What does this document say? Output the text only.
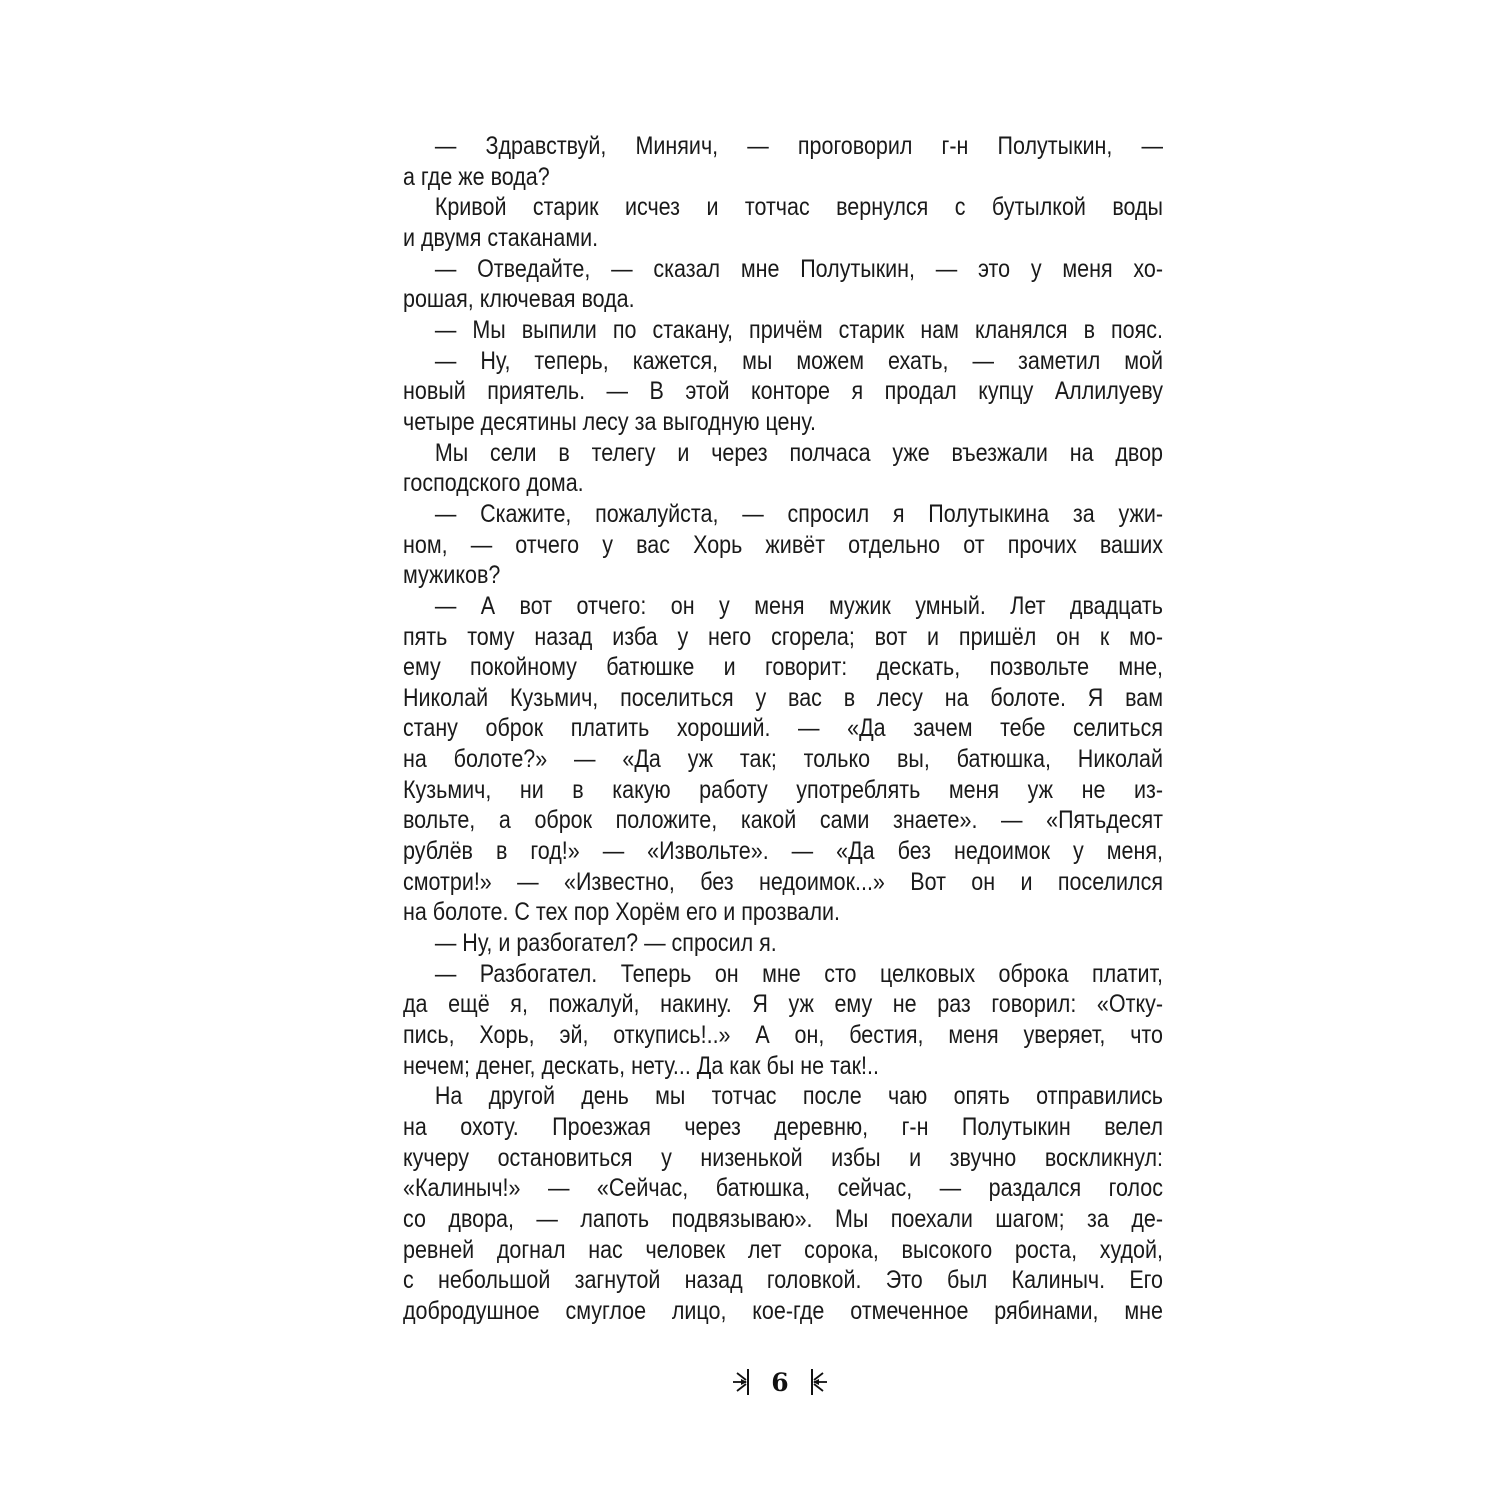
— Здравствуй, Миняич, — проговорил г-н Полутыкин, —
а где же вода?
Кривой старик исчез и тотчас вернулся с бутылкой воды
и двумя стаканами.
— Отведайте, — сказал мне Полутыкин, — это у меня хо-
рошая, ключевая вода.
— Мы выпили по стакану, причём старик нам кланялся в пояс.
— Ну, теперь, кажется, мы можем ехать, — заметил мой
новый приятель. — В этой конторе я продал купцу Аллилуеву
четыре десятины лесу за выгодную цену.
Мы сели в телегу и через полчаса уже въезжали на двор
господского дома.
— Скажите, пожалуйста, — спросил я Полутыкина за ужи-
ном, — отчего у вас Хорь живёт отдельно от прочих ваших
мужиков?
— А вот отчего: он у меня мужик умный. Лет двадцать
пять тому назад изба у него сгорела; вот и пришёл он к мо-
ему покойному батюшке и говорит: дескать, позвольте мне,
Николай Кузьмич, поселиться у вас в лесу на болоте. Я вам
стану оброк платить хороший. — «Да зачем тебе селиться
на болоте?» — «Да уж так; только вы, батюшка, Николай
Кузьмич, ни в какую работу употреблять меня уж не из-
вольте, а оброк положите, какой сами знаете». — «Пятьдесят
рублёв в год!» — «Извольте». — «Да без недоимок у меня,
смотри!» — «Известно, без недоимок...» Вот он и поселился
на болоте. С тех пор Хорём его и прозвали.
— Ну, и разбогател? — спросил я.
— Разбогател. Теперь он мне сто целковых оброка платит,
да ещё я, пожалуй, накину. Я уж ему не раз говорил: «Отку-
пись, Хорь, эй, откупись!..» А он, бестия, меня уверяет, что
нечем; денег, дескать, нету... Да как бы не так!..
На другой день мы тотчас после чаю опять отправились
на охоту. Проезжая через деревню, г-н Полутыкин велел
кучеру остановиться у низенькой избы и звучно воскликнул:
«Калиныч!» — «Сейчас, батюшка, сейчас, — раздался голос
со двора, — лапоть подвязываю». Мы поехали шагом; за де-
ревней догнал нас человек лет сорока, высокого роста, худой,
с небольшой загнутой назад головкой. Это был Калиныч. Его
добродушное смуглое лицо, кое-где отмеченное рябинами, мне
6
